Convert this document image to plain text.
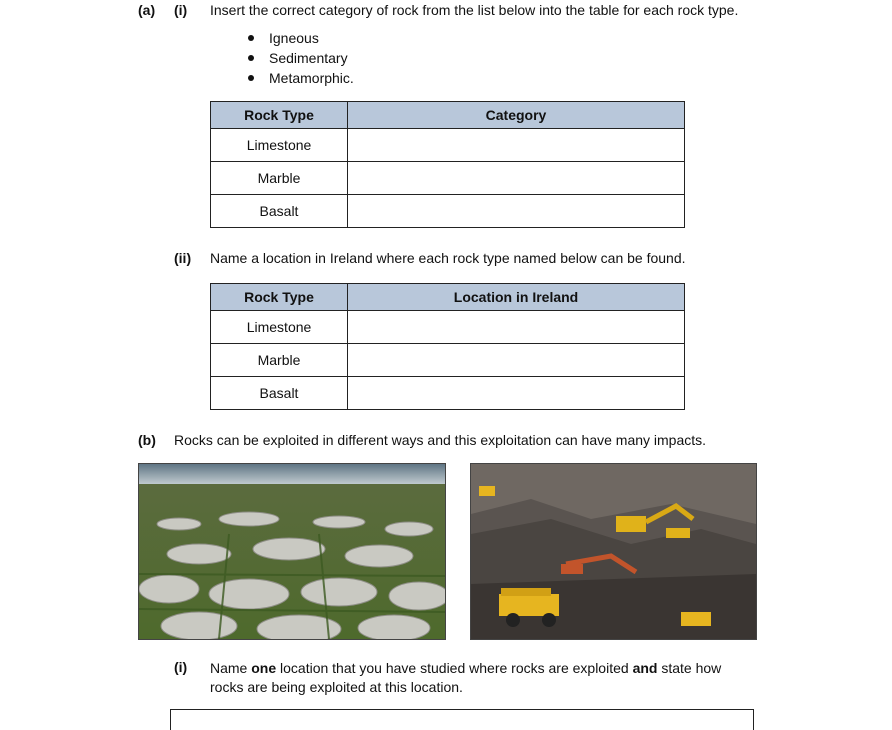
(a) (i) Insert the correct category of rock from the list below into the table for each rock type.
Igneous
Sedimentary
Metamorphic.
Rock Type	Category
Limestone	
Marble	
Basalt	
(ii) Name a location in Ireland where each rock type named below can be found.
Rock Type	Location in Ireland
Limestone	
Marble	
Basalt	
(b) Rocks can be exploited in different ways and this exploitation can have many impacts.
(i) Name one location that you have studied where rocks are exploited and state how rocks are being exploited at this location.
